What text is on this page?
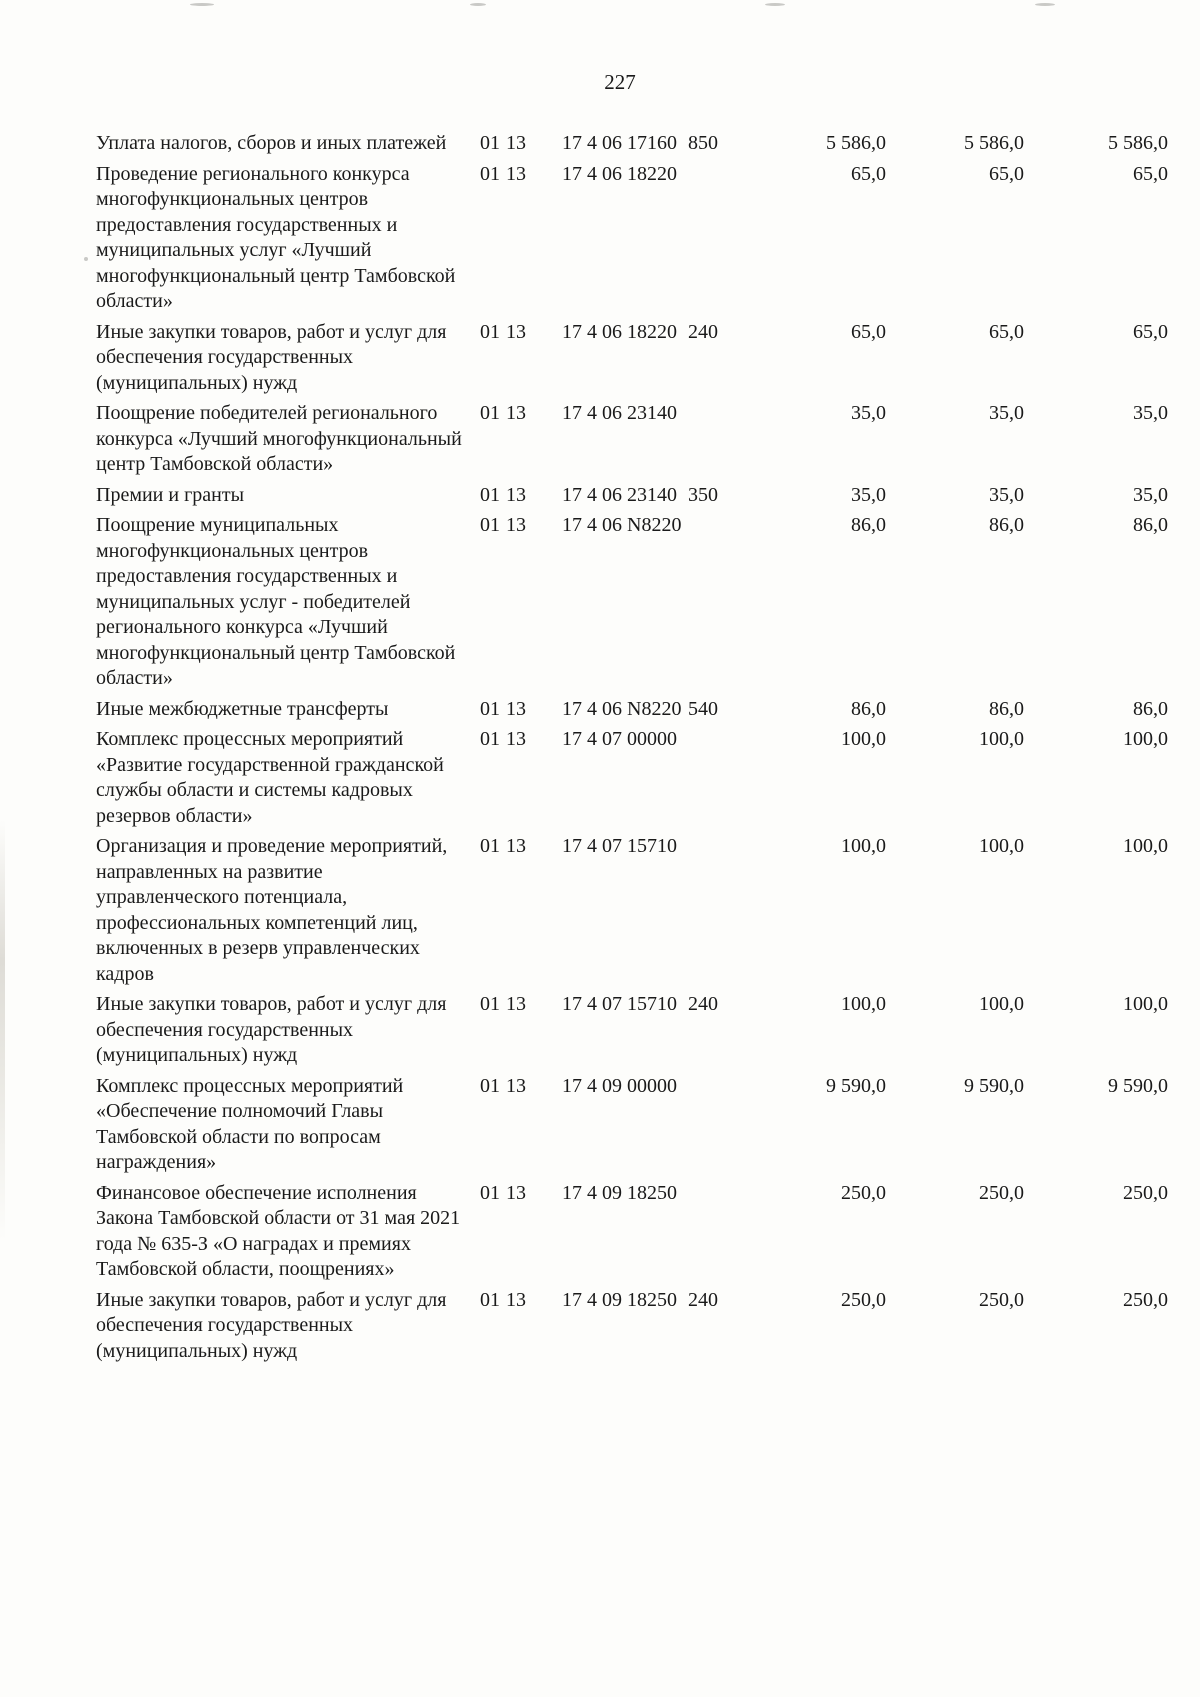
227
Уплата налогов, сборов и иных платежей	01	13	17 4 06 17160	850	5 586,0	5 586,0	5 586,0
Проведение регионального конкурса многофункциональных центров предоставления государственных и муниципальных услуг «Лучший многофункциональный центр Тамбовской области»	01	13	17 4 06 18220		65,0	65,0	65,0
Иные закупки товаров, работ и услуг для обеспечения государственных (муниципальных) нужд	01	13	17 4 06 18220	240	65,0	65,0	65,0
Поощрение победителей регионального конкурса «Лучший многофункциональный центр Тамбовской области»	01	13	17 4 06 23140		35,0	35,0	35,0
Премии и гранты	01	13	17 4 06 23140	350	35,0	35,0	35,0
Поощрение муниципальных многофункциональных центров предоставления государственных и муниципальных услуг - победителей регионального конкурса «Лучший многофункциональный центр Тамбовской области»	01	13	17 4 06 N8220		86,0	86,0	86,0
Иные межбюджетные трансферты	01	13	17 4 06 N8220	540	86,0	86,0	86,0
Комплекс процессных мероприятий «Развитие государственной гражданской службы области и системы кадровых резервов области»	01	13	17 4 07 00000		100,0	100,0	100,0
Организация и проведение мероприятий, направленных на развитие управленческого потенциала, профессиональных компетенций лиц, включенных в резерв управленческих кадров	01	13	17 4 07 15710		100,0	100,0	100,0
Иные закупки товаров, работ и услуг для обеспечения государственных (муниципальных) нужд	01	13	17 4 07 15710	240	100,0	100,0	100,0
Комплекс процессных мероприятий «Обеспечение полномочий Главы Тамбовской области по вопросам награждения»	01	13	17 4 09 00000		9 590,0	9 590,0	9 590,0
Финансовое обеспечение исполнения Закона Тамбовской области от 31 мая 2021 года № 635-З «О наградах и премиях Тамбовской области, поощрениях»	01	13	17 4 09 18250		250,0	250,0	250,0
Иные закупки товаров, работ и услуг для обеспечения государственных (муниципальных) нужд	01	13	17 4 09 18250	240	250,0	250,0	250,0
